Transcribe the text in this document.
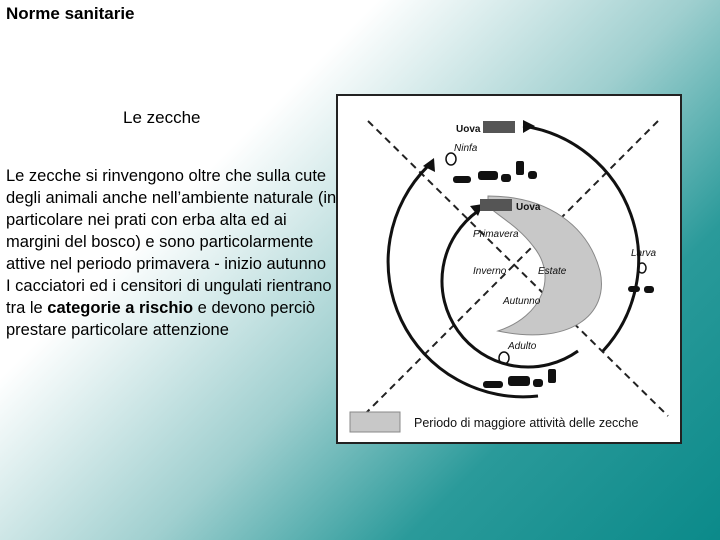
Norme sanitarie
Le zecche

Le zecche si rinvengono oltre che sulla cute degli animali anche nell’ambiente naturale (in particolare nei prati con erba alta ed ai margini del bosco) e sono particolarmente attive nel periodo primavera - inizio autunno

I cacciatori ed i censitori di ungulati rientrano tra le categorie a rischio e devono perciò prestare particolare attenzione

Uova
Ninfa
Uova
Primavera
Inverno	Estate
Autunno
Larva
Adulto
Periodo di maggiore attività delle zecche
